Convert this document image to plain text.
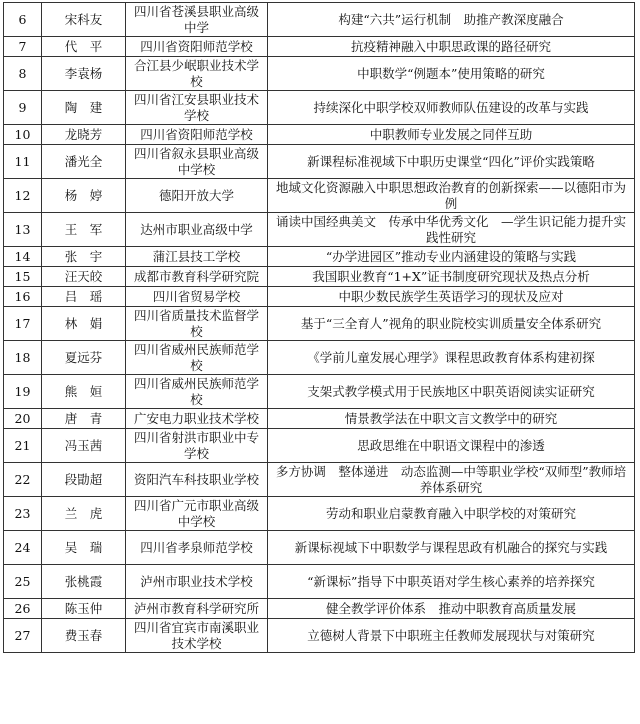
6	宋科友	四川省苍溪县职业高级中学	构建“六共”运行机制　助推产教深度融合
7	代　平	四川省资阳师范学校	抗疫精神融入中职思政课的路径研究
8	李袁杨	合江县少岷职业技术学校	中职数学“例题本”使用策略的研究
9	陶　建	四川省江安县职业技术学校	持续深化中职学校双师教师队伍建设的改革与实践
10	龙晓芳	四川省资阳师范学校	中职教师专业发展之同伴互助
11	潘光全	四川省叙永县职业高级中学校	新课程标准视域下中职历史课堂“四化”评价实践策略
12	杨　婷	德阳开放大学	地域文化资源融入中职思想政治教育的创新探索——以德阳市为例
13	王　军	达州市职业高级中学	诵读中国经典美文　传承中华优秀文化　—学生识记能力提升实践性研究
14	张　宇	蒲江县技工学校	“办学进园区”推动专业内涵建设的策略与实践
15	汪天皎	成都市教育科学研究院	我国职业教育“1+X”证书制度研究现状及热点分析
16	吕　瑶	四川省贸易学校	中职少数民族学生英语学习的现状及应对
17	林　娟	四川省质量技术监督学校	基于“三全育人”视角的职业院校实训质量安全体系研究
18	夏远芬	四川省威州民族师范学校	《学前儿童发展心理学》课程思政教育体系构建初探
19	熊　姮	四川省威州民族师范学校	支架式教学模式用于民族地区中职英语阅读实证研究
20	唐　青	广安电力职业技术学校	情景教学法在中职文言文教学中的研究
21	冯玉茜	四川省射洪市职业中专学校	思政思维在中职语文课程中的渗透
22	段勖超	资阳汽车科技职业学校	多方协调　整体递进　动态监测—中等职业学校“双师型”教师培养体系研究
23	兰　虎	四川省广元市职业高级中学校	劳动和职业启蒙教育融入中职学校的对策研究
24	吴　瑞	四川省孝泉师范学校	新课标视域下中职数学与课程思政有机融合的探究与实践
25	张桃霞	泸州市职业技术学校	“新课标”指导下中职英语对学生核心素养的培养探究
26	陈玉仲	泸州市教育科学研究所	健全教学评价体系　推动中职教育高质量发展
27	费玉春	四川省宜宾市南溪职业技术学校	立德树人背景下中职班主任教师发展现状与对策研究
